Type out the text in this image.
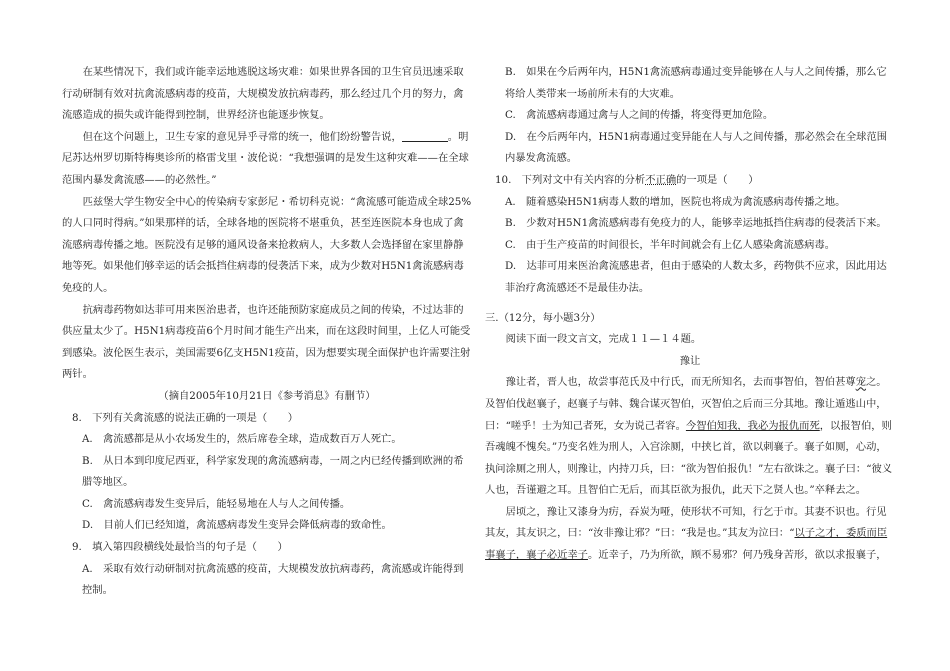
在某些情况下，我们或许能幸运地逃脱这场灾难：如果世界各国的卫生官员迅速采取行动研制有效对抗禽流感病毒的疫苗，大规模发放抗病毒药，那么经过几个月的努力，禽流感造成的损失或许能得到控制，世界经济也能逐步恢复。

但在这个问题上，卫生专家的意见异乎寻常的统一，他们纷纷警告说，	。明尼苏达州罗切斯特梅奥诊所的格雷戈里・波伦说：“我想强调的是发生这种灾难——在全球范围内暴发禽流感——的必然性。”

匹兹堡大学生物安全中心的传染病专家彭尼・希切科克说：“禽流感可能造成全球25%的人口同时得病。”如果那样的话，全球各地的医院将不堪重负，甚至连医院本身也成了禽流感病毒传播之地。医院没有足够的通风设备来抢救病人，大多数人会选择留在家里静静地等死。如果他们够幸运的话会抵挡住病毒的侵袭活下来，成为少数对H5N1禽流感病毒免疫的人。

抗病毒药物如达菲可用来医治患者，也许还能预防家庭成员之间的传染，不过达菲的供应量太少了。H5N1病毒疫苗6个月时间才能生产出来，而在这段时间里，上亿人可能受到感染。波伦医生表示，美国需要6亿支H5N1疫苗，因为想要实现全面保护也许需要注射两针。

（摘自2005年10月21日《参考消息》有删节）

8.　下列有关禽流感的说法正确的一项是（　　）

A.　禽流感都是从小农场发生的，然后席卷全球，造成数百万人死亡。

B.　从日本到印度尼西亚，科学家发现的禽流感病毒，一周之内已经传播到欧洲的希腊等地区。

C.　禽流感病毒发生变异后，能轻易地在人与人之间传播。

D.　目前人们已经知道，禽流感病毒发生变异会降低病毒的致命性。

9.　填入第四段横线处最恰当的句子是（　　）

A.　采取有效行动研制对抗禽流感的疫苗，大规模发放抗病毒药，禽流感或许能得到控制。

B.　如果在今后两年内，H5N1禽流感病毒通过变异能够在人与人之间传播，那么它将给人类带来一场前所未有的大灾难。

C.　禽流感病毒通过禽与人之间的传播，将变得更加危险。

D.　在今后两年内，H5N1病毒通过变异能在人与人之间传播，那必然会在全球范围内暴发禽流感。

10.　下列对文中有关内容的分析不正确的一项是（　　）

A.　随着感染H5N1病毒人数的增加，医院也将成为禽流感病毒传播之地。

B.　少数对H5N1禽流感病毒有免疫力的人，能够幸运地抵挡住病毒的侵袭活下来。

C.　由于生产疫苗的时间很长，半年时间就会有上亿人感染禽流感病毒。

D.　达菲可用来医治禽流感患者，但由于感染的人数太多，药物供不应求，因此用达菲治疗禽流感还不是最佳办法。

三.（12分，每小题3分）

阅读下面一段文言文，完成１１—１４题。

豫让

豫让者，晋人也，故尝事范氏及中行氏，而无所知名，去而事智伯，智伯甚尊宠之。及智伯伐赵襄子，赵襄子与韩、魏合谋灭智伯，灭智伯之后而三分其地。豫让遁逃山中，曰：“嗟乎！士为知己者死，女为说己者容。今智伯知我，我必为报仇而死，以报智伯，则吾魂魄不愧矣。”乃变名姓为刑人，入宫涂厕，中挟匕首，欲以刺襄子。襄子如厕，心动，执问涂厕之刑人，则豫让，内持刀兵，曰：“欲为智伯报仇！”左右欲诛之。襄子曰：“彼义人也，吾谨避之耳。且智伯亡无后，而其臣欲为报仇，此天下之贤人也。”卒释去之。

居顷之，豫让又漆身为疠，吞炭为哑，使形状不可知，行乞于市。其妻不识也。行见其友，其友识之，曰：“汝非豫让邪？”曰：“我是也。”其友为泣曰：“以子之才，委质而臣事襄子，襄子必近幸子。近幸子，乃为所欲，顾不易邪？何乃残身苦形，欲以求报襄子，
